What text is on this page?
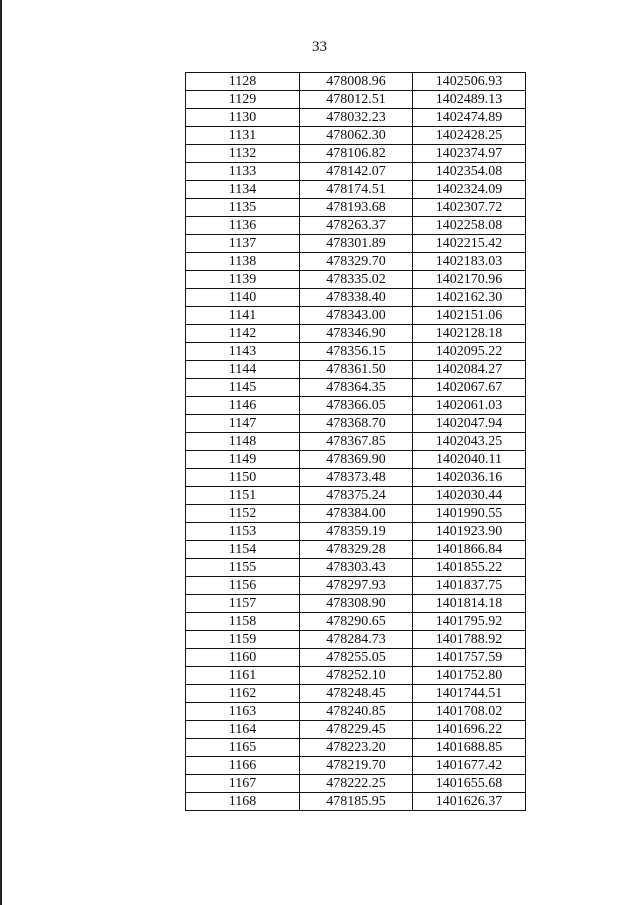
33
1128	478008.96	1402506.93
1129	478012.51	1402489.13
1130	478032.23	1402474.89
1131	478062.30	1402428.25
1132	478106.82	1402374.97
1133	478142.07	1402354.08
1134	478174.51	1402324.09
1135	478193.68	1402307.72
1136	478263.37	1402258.08
1137	478301.89	1402215.42
1138	478329.70	1402183.03
1139	478335.02	1402170.96
1140	478338.40	1402162.30
1141	478343.00	1402151.06
1142	478346.90	1402128.18
1143	478356.15	1402095.22
1144	478361.50	1402084.27
1145	478364.35	1402067.67
1146	478366.05	1402061.03
1147	478368.70	1402047.94
1148	478367.85	1402043.25
1149	478369.90	1402040.11
1150	478373.48	1402036.16
1151	478375.24	1402030.44
1152	478384.00	1401990.55
1153	478359.19	1401923.90
1154	478329.28	1401866.84
1155	478303.43	1401855.22
1156	478297.93	1401837.75
1157	478308.90	1401814.18
1158	478290.65	1401795.92
1159	478284.73	1401788.92
1160	478255.05	1401757.59
1161	478252.10	1401752.80
1162	478248.45	1401744.51
1163	478240.85	1401708.02
1164	478229.45	1401696.22
1165	478223.20	1401688.85
1166	478219.70	1401677.42
1167	478222.25	1401655.68
1168	478185.95	1401626.37
